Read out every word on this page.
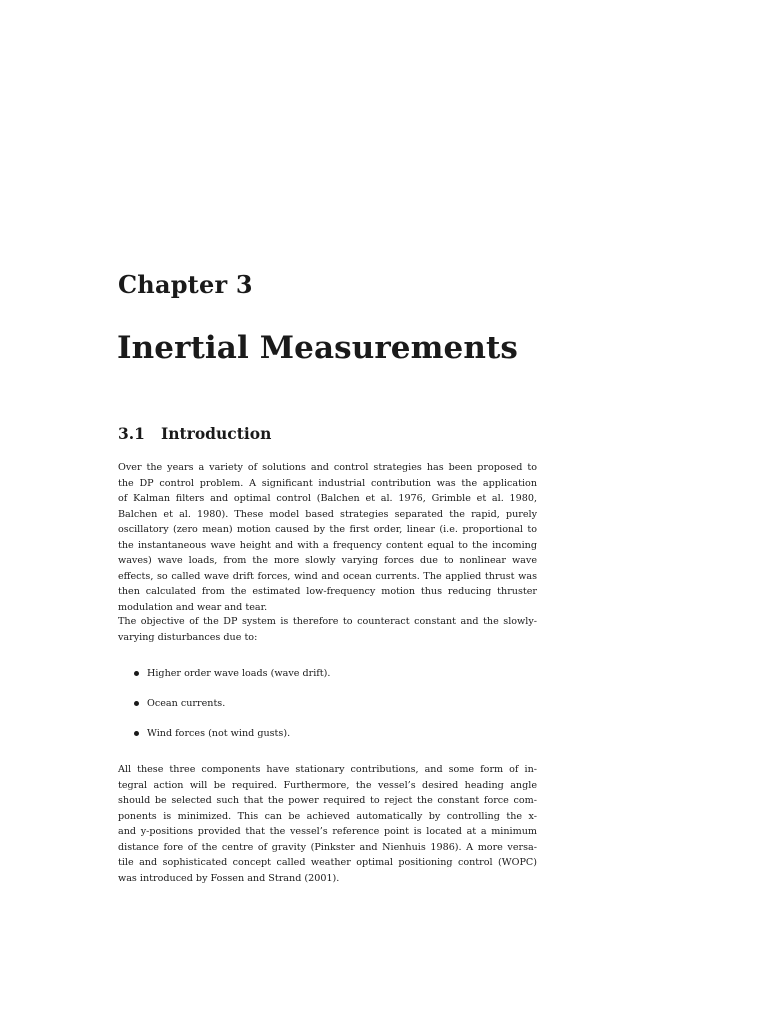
Chapter 3
Inertial Measurements
3.1 Introduction
Over the years a variety of solutions and control strategies has been proposed to
the DP control problem. A significant industrial contribution was the application
of Kalman filters and optimal control (Balchen et al. 1976, Grimble et al. 1980,
Balchen et al. 1980). These model based strategies separated the rapid, purely
oscillatory (zero mean) motion caused by the first order, linear (i.e. proportional to
the instantaneous wave height and with a frequency content equal to the incoming
waves) wave loads, from the more slowly varying forces due to nonlinear wave
effects, so called wave drift forces, wind and ocean currents. The applied thrust was
then calculated from the estimated low-frequency motion thus reducing thruster
modulation and wear and tear.
The objective of the DP system is therefore to counteract constant and the slowly-
varying disturbances due to:
Higher order wave loads (wave drift).
Ocean currents.
Wind forces (not wind gusts).
All these three components have stationary contributions, and some form of in-
tegral action will be required. Furthermore, the vessel’s desired heading angle
should be selected such that the power required to reject the constant force com-
ponents is minimized. This can be achieved automatically by controlling the x-
and y-positions provided that the vessel’s reference point is located at a minimum
distance fore of the centre of gravity (Pinkster and Nienhuis 1986). A more versa-
tile and sophisticated concept called weather optimal positioning control (WOPC)
was introduced by Fossen and Strand (2001).
